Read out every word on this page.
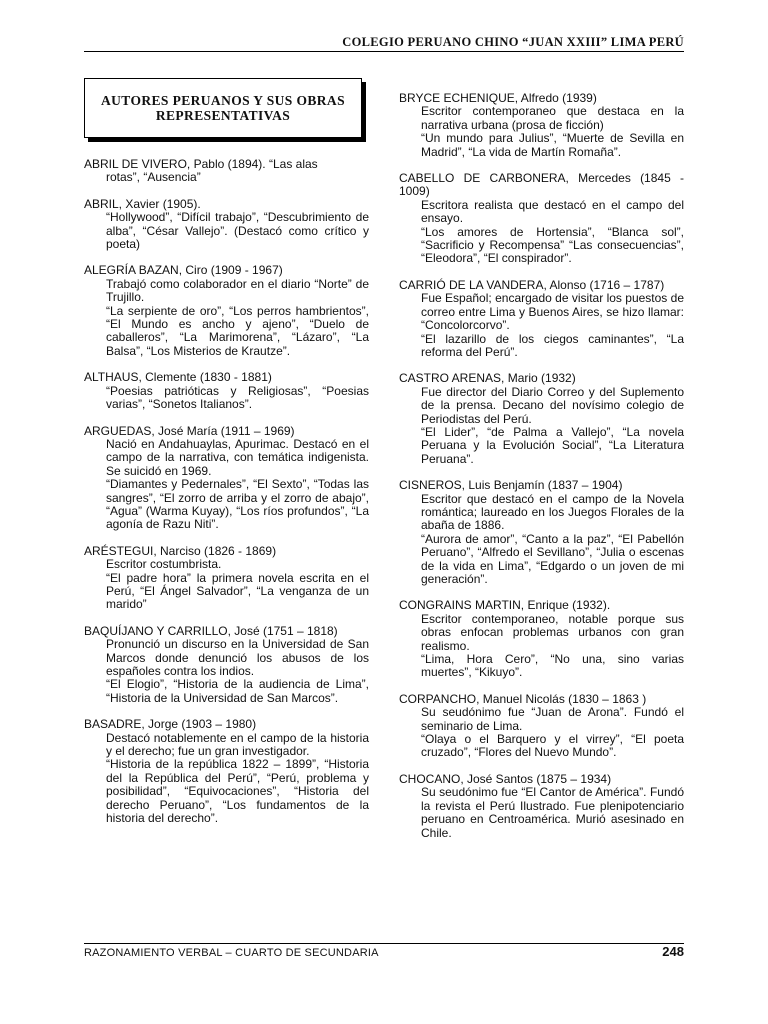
COLEGIO PERUANO CHINO “JUAN XXIII” LIMA PERÚ
AUTORES PERUANOS Y SUS OBRAS
REPRESENTATIVAS
ABRIL DE VIVERO, Pablo (1894). “Las alas
rotas”, “Ausencia”
ABRIL, Xavier (1905).
“Hollywood”, “Difícil trabajo”, “Descubrimiento de alba”, “César Vallejo”. (Destacó como crítico y poeta)
ALEGRÍA BAZAN, Ciro (1909 - 1967)
Trabajó como colaborador en el diario “Norte” de Trujillo.
“La serpiente de oro”, “Los perros hambrientos”, “El Mundo es ancho y ajeno”, “Duelo de caballeros”, “La Marimorena”, “Lázaro”, “La Balsa”, “Los Misterios de Krautze”.
ALTHAUS, Clemente (1830 - 1881)
“Poesias patrióticas y Religiosas”, “Poesias varias”, “Sonetos Italianos”.
ARGUEDAS, José María (1911 – 1969)
Nació en Andahuaylas, Apurimac. Destacó en el campo de la narrativa, con temática indigenista. Se suicidó en 1969.
“Diamantes y Pedernales”, “El Sexto”, “Todas las sangres”, “El zorro de arriba y el zorro de abajo”, “Agua” (Warma Kuyay), “Los ríos profundos”, “La agonía de Razu Niti”.
ARÉSTEGUI, Narciso (1826 - 1869)
Escritor costumbrista.
“El padre hora” la primera novela escrita en el Perú, “El Ángel Salvador”, “La venganza de un marido”
BAQUÍJANO Y CARRILLO, José (1751 – 1818)
Pronunció un discurso en la Universidad de San Marcos donde denunció los abusos de los españoles contra los indios.
“El Elogio”, “Historia de la audiencia de Lima”, “Historia de la Universidad de San Marcos”.
BASADRE, Jorge (1903 – 1980)
Destacó notablemente en el campo de la historia y el derecho; fue un gran investigador.
“Historia de la república 1822 – 1899”, “Historia del la República del Perú”, “Perú, problema y posibilidad”, “Equivocaciones”, “Historia del derecho Peruano”, “Los fundamentos de la historia del derecho”.
BRYCE ECHENIQUE, Alfredo (1939)
Escritor contemporaneo que destaca en la narrativa urbana (prosa de ficción)
“Un mundo para Julius”, “Muerte de Sevilla en Madrid”, “La vida de Martín Romaña”.
CABELLO DE CARBONERA, Mercedes (1845 - 1009)
Escritora realista que destacó en el campo del ensayo.
“Los amores de Hortensia”, “Blanca sol”, “Sacrificio y Recompensa” “Las consecuencias”, “Eleodora”, “El conspirador”.
CARRIÓ DE LA VANDERA, Alonso (1716 – 1787)
Fue Español; encargado de visitar los puestos de correo entre Lima y Buenos Aires, se hizo llamar: “Concolorcorvo”.
“El lazarillo de los ciegos caminantes”, “La reforma del Perú”.
CASTRO ARENAS, Mario (1932)
Fue director del Diario Correo y del Suplemento de la prensa. Decano del novísimo colegio de Periodistas del Perú.
“El Lider”, “de Palma a Vallejo”, “La novela Peruana y la Evolución Social”, “La Literatura Peruana”.
CISNEROS, Luis Benjamín (1837 – 1904)
Escritor que destacó en el campo de la Novela romántica; laureado en los Juegos Florales de la abaña de 1886.
“Aurora de amor”, “Canto a la paz”, “El Pabellón Peruano”, “Alfredo el Sevillano”, “Julia o escenas de la vida en Lima”, “Edgardo o un joven de mi generación”.
CONGRAINS MARTIN, Enrique (1932).
Escritor contemporaneo, notable porque sus obras enfocan problemas urbanos con gran realismo.
“Lima, Hora Cero”, “No una, sino varias muertes”, “Kikuyo”.
CORPANCHO, Manuel Nicolás (1830 – 1863 )
Su seudónimo fue “Juan de Arona”. Fundó el seminario de Lima.
“Olaya o el Barquero y el virrey”, “El poeta cruzado”, “Flores del Nuevo Mundo”.
CHOCANO, José Santos (1875 – 1934)
Su seudónimo fue “El Cantor de América”. Fundó la revista el Perú Ilustrado. Fue plenipotenciario peruano en Centroamérica. Murió asesinado en Chile.
RAZONAMIENTO VERBAL – CUARTO DE SECUNDARIA	248
